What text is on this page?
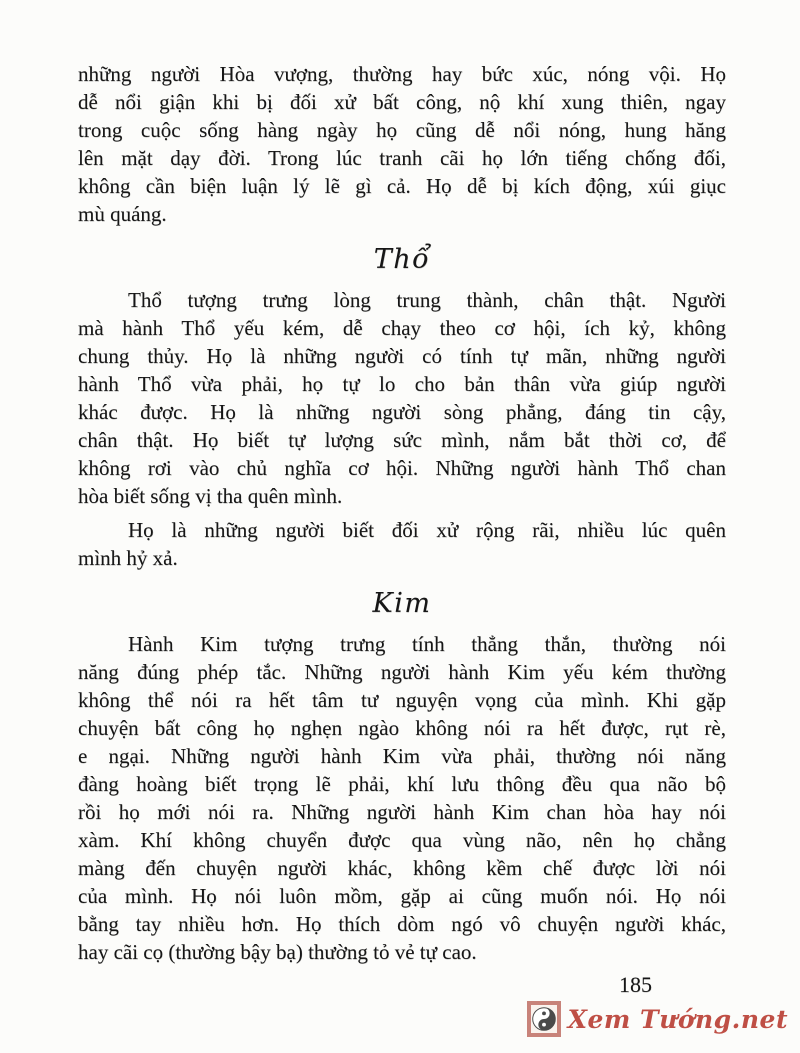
những người Hòa vượng, thường hay bức xúc, nóng vội. Họ
dễ nổi giận khi bị đối xử bất công, nộ khí xung thiên, ngay
trong cuộc sống hàng ngày họ cũng dễ nổi nóng, hung hăng
lên mặt dạy đời. Trong lúc tranh cãi họ lớn tiếng chống đối,
không cần biện luận lý lẽ gì cả. Họ dễ bị kích động, xúi giục
mù quáng.
Thổ
Thổ tượng trưng lòng trung thành, chân thật. Người
mà hành Thổ yếu kém, dễ chạy theo cơ hội, ích kỷ, không
chung thủy. Họ là những người có tính tự mãn, những người
hành Thổ vừa phải, họ tự lo cho bản thân vừa giúp người
khác được. Họ là những người sòng phẳng, đáng tin cậy,
chân thật. Họ biết tự lượng sức mình, nắm bắt thời cơ, để
không rơi vào chủ nghĩa cơ hội. Những người hành Thổ chan
hòa biết sống vị tha quên mình.
Họ là những người biết đối xử rộng rãi, nhiều lúc quên
mình hỷ xả.
Kim
Hành Kim tượng trưng tính thẳng thắn, thường nói
năng đúng phép tắc. Những người hành Kim yếu kém thường
không thể nói ra hết tâm tư nguyện vọng của mình. Khi gặp
chuyện bất công họ nghẹn ngào không nói ra hết được, rụt rè,
e ngại. Những người hành Kim vừa phải, thường nói năng
đàng hoàng biết trọng lẽ phải, khí lưu thông đều qua não bộ
rồi họ mới nói ra. Những người hành Kim chan hòa hay nói
xàm. Khí không chuyển được qua vùng não, nên họ chẳng
màng đến chuyện người khác, không kềm chế được lời nói
của mình. Họ nói luôn mồm, gặp ai cũng muốn nói. Họ nói
bằng tay nhiều hơn. Họ thích dòm ngó vô chuyện người khác,
hay cãi cọ (thường bậy bạ) thường tỏ vẻ tự cao.
185
Xem Tướng.net
